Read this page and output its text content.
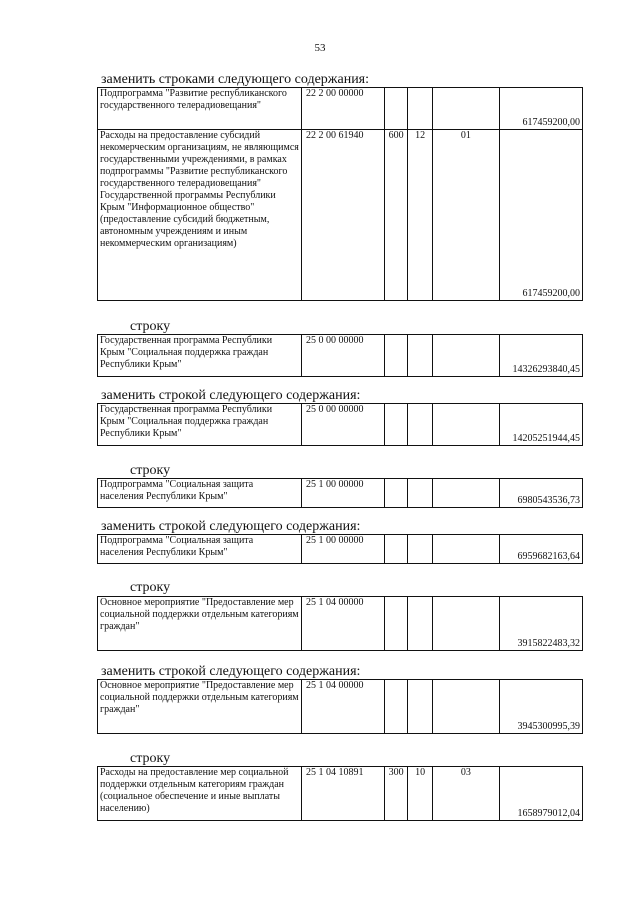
53
заменить строками следующего содержания:
Подпрограмма "Развитие республиканского государственного телерадиовещания"	22 2 00 00000				617459200,00
Расходы на предоставление субсидий некомерческим организациям, не являющимся государственными учреждениями, в рамках подпрограммы "Развитие республиканского государственного телерадиовещания" Государственной программы Республики Крым "Информационное общество" (предоставление субсидий бюджетным, автономным учреждениям и иным некоммерческим организациям)	22 2 00 61940	600	12	01	617459200,00
строку
Государственная программа Республики Крым "Социальная поддержка граждан Республики Крым"	25 0 00 00000				14326293840,45
заменить строкой следующего содержания:
Государственная программа Республики Крым "Социальная поддержка граждан Республики Крым"	25 0 00 00000				14205251944,45
строку
Подпрограмма "Социальная защита населения Республики Крым"	25 1 00 00000				6980543536,73
заменить строкой следующего содержания:
Подпрограмма "Социальная защита населения Республики Крым"	25 1 00 00000				6959682163,64
строку
Основное мероприятие "Предоставление мер социальной поддержки отдельным категориям граждан"	25 1 04 00000				3915822483,32
заменить строкой следующего содержания:
Основное мероприятие "Предоставление мер социальной поддержки отдельным категориям граждан"	25 1 04 00000				3945300995,39
строку
Расходы на предоставление мер социальной поддержки отдельным категориям граждан (социальное обеспечение и иные выплаты населению)	25 1 04 10891	300	10	03	1658979012,04
